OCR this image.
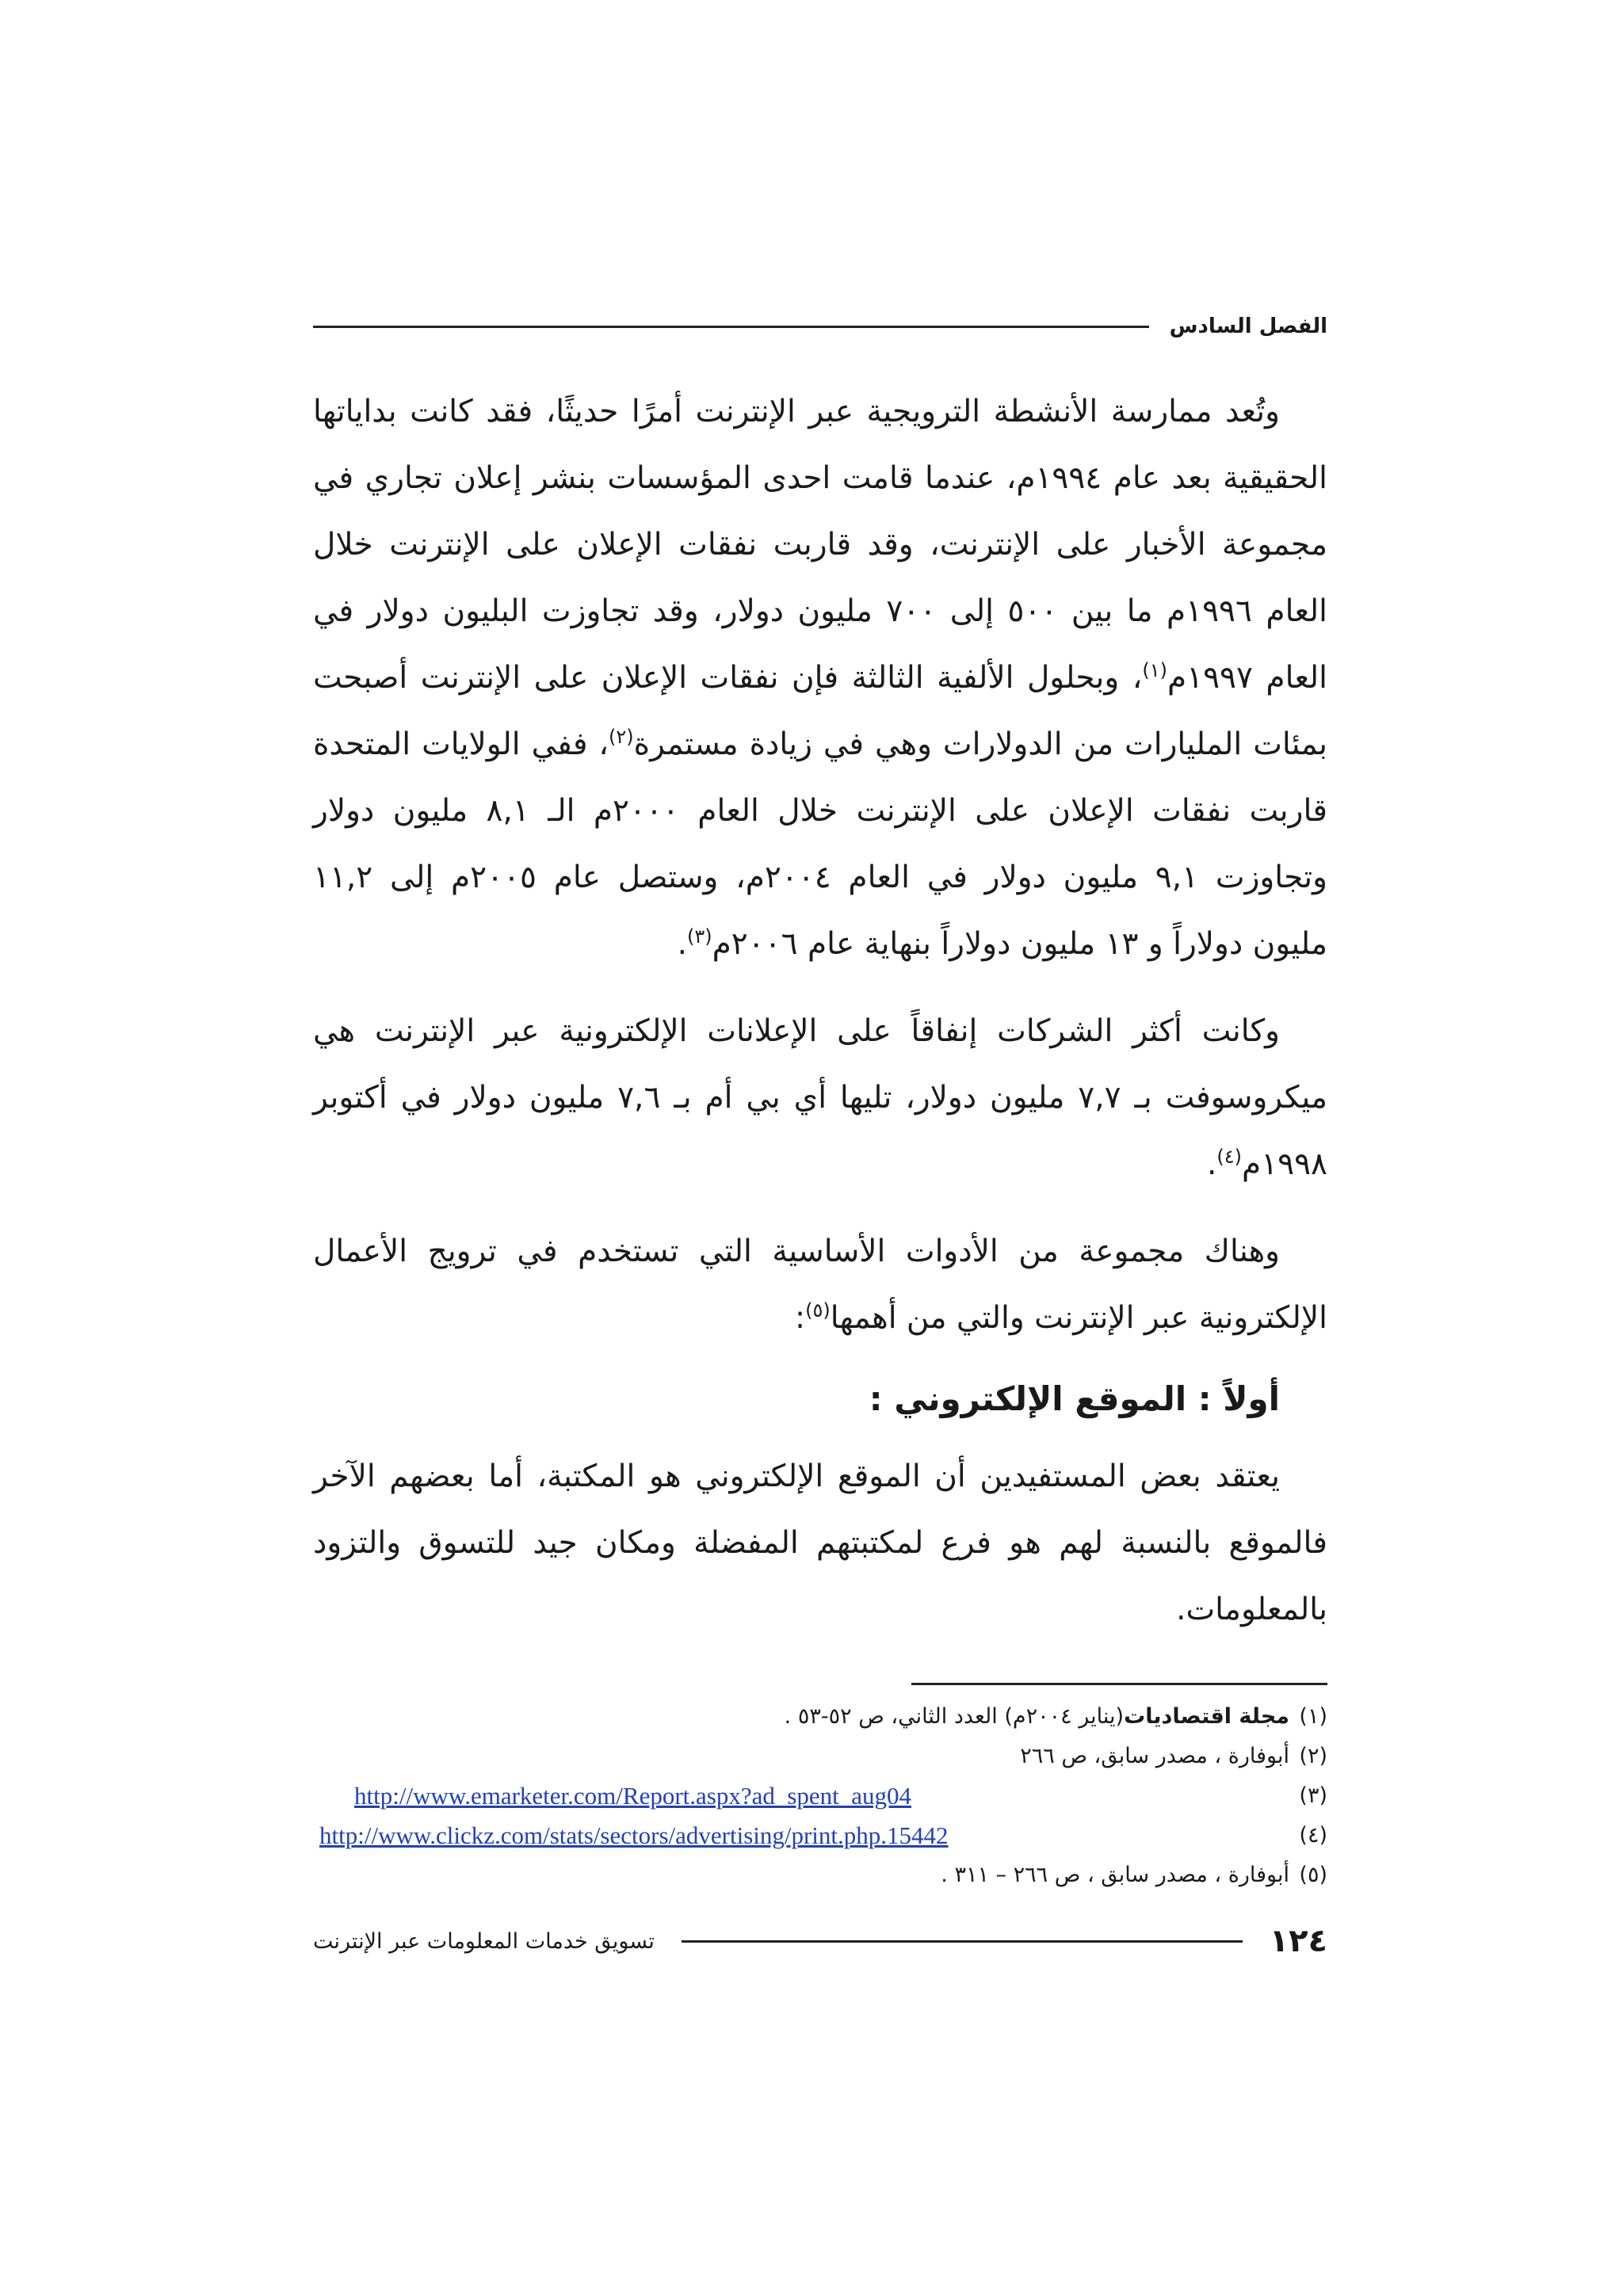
الفصل السادس

وتُعد ممارسة الأنشطة الترويجية عبر الإنترنت أمرًا حديثًا، فقد كانت بداياتها الحقيقية بعد عام ١٩٩٤م، عندما قامت احدى المؤسسات بنشر إعلان تجاري في مجموعة الأخبار على الإنترنت، وقد قاربت نفقات الإعلان على الإنترنت خلال العام ١٩٩٦م ما بين ٥٠٠ إلى ٧٠٠ مليون دولار، وقد تجاوزت البليون دولار في العام ١٩٩٧م$^{(١)}$، وبحلول الألفية الثالثة فإن نفقات الإعلان على الإنترنت أصبحت بمئات المليارات من الدولارات وهي في زيادة مستمرة$^{(٢)}$، ففي الولايات المتحدة قاربت نفقات الإعلان على الإنترنت خلال العام ٢٠٠٠م الـ ٨,١ مليون دولار وتجاوزت ٩,١ مليون دولار في العام ٢٠٠٤م، وستصل عام ٢٠٠٥م إلى ١١,٢ مليون دولاراً و ١٣ مليون دولاراً بنهاية عام ٢٠٠٦م$^{(٣)}$.

وكانت أكثر الشركات إنفاقاً على الإعلانات الإلكترونية عبر الإنترنت هي ميكروسوفت بـ ٧,٧ مليون دولار، تليها أي بي أم بـ ٧,٦ مليون دولار في أكتوبر ١٩٩٨م$^{(٤)}$.

وهناك مجموعة من الأدوات الأساسية التي تستخدم في ترويج الأعمال الإلكترونية عبر الإنترنت والتي من أهمها$^{(٥)}$:

أولاً : الموقع الإلكتروني :

يعتقد بعض المستفيدين أن الموقع الإلكتروني هو المكتبة، أما بعضهم الآخر فالموقع بالنسبة لهم هو فرع لمكتبتهم المفضلة ومكان جيد للتسوق والتزود بالمعلومات.

(١)
مجلة اقتصاديات
(يناير ٢٠٠٤م) العدد الثاني، ص ٥٢-٥٣ .
(٢)
أبوفارة ، مصدر سابق، ص ٢٦٦
(٣)
http://www.emarketer.com/Report.aspx?ad_spent_aug04
(٤)
http://www.clickz.com/stats/sectors/advertising/print.php.15442
(٥)
أبوفارة ، مصدر سابق ، ص ٢٦٦ – ٣١١ .
١٢٤
تسويق خدمات المعلومات عبر الإنترنت
